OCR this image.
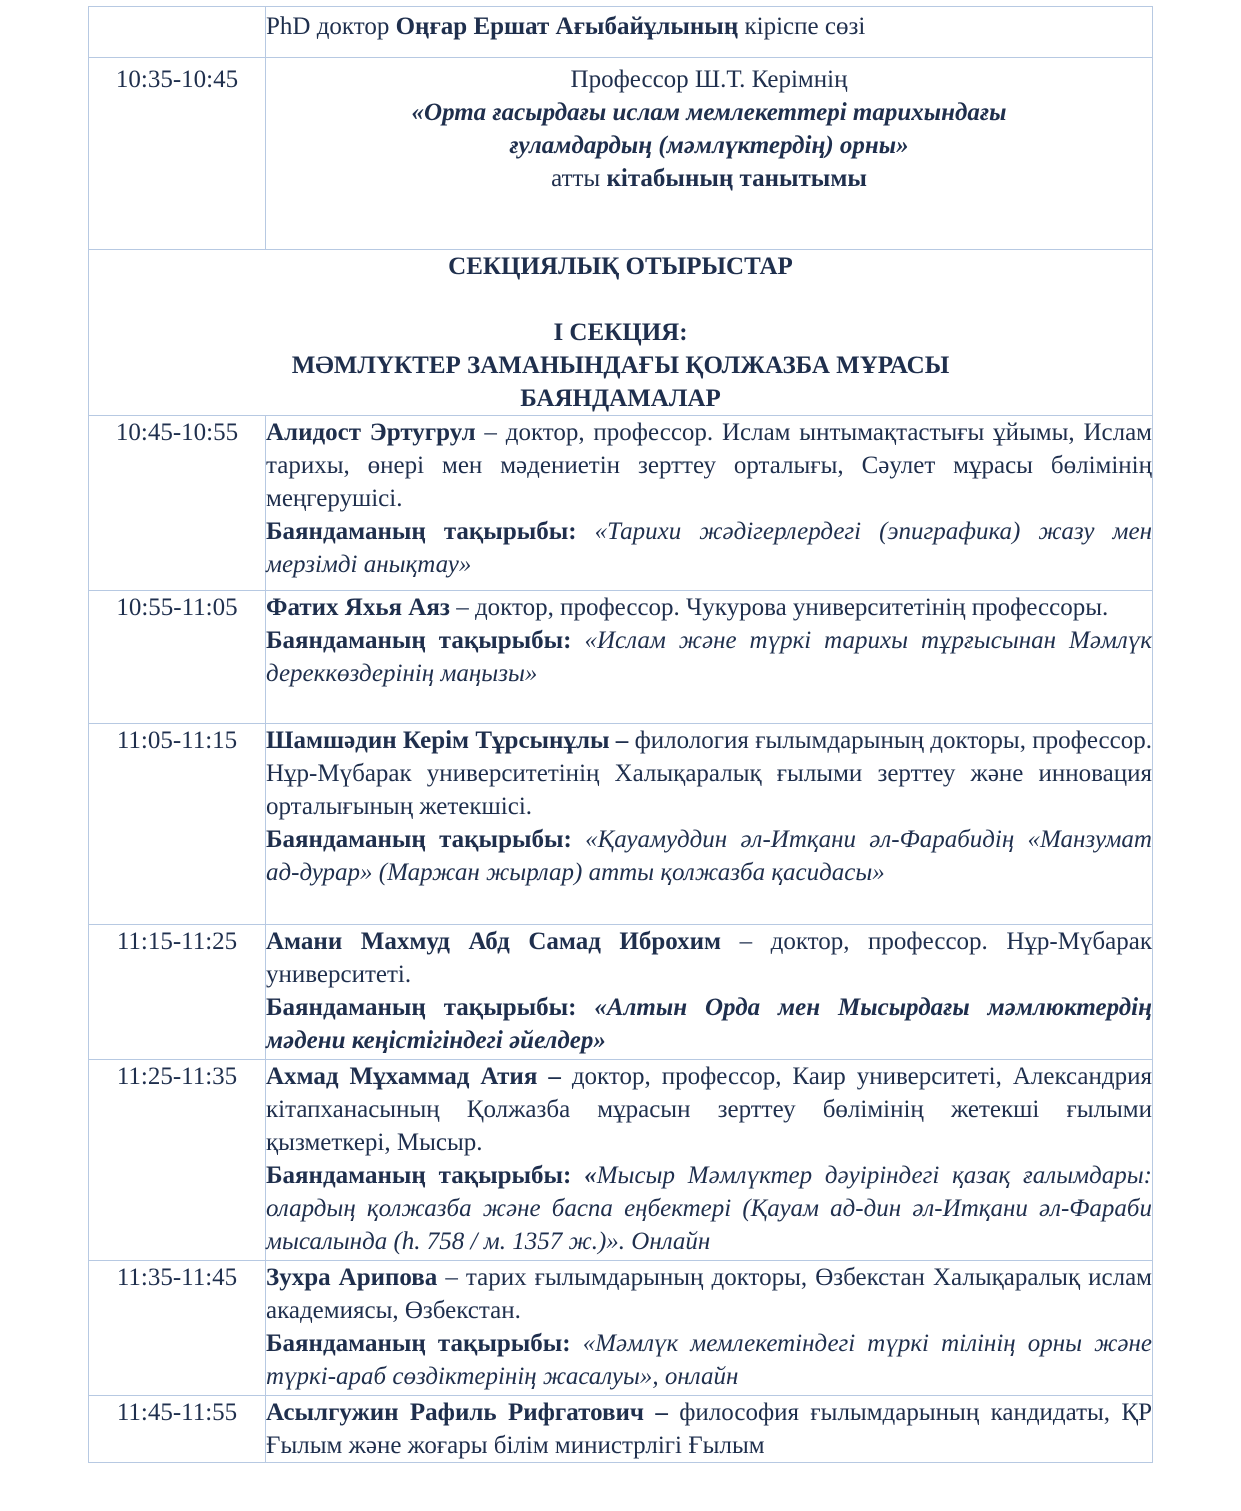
	PhD доктор Оңғар Ершат Ағыбайұлының кіріспе сөзі
10:35-10:45	Профессор Ш.Т. Керімнің
«Орта ғасырдағы ислам мемлекеттері тарихындағы
ғуламдардың (мәмлүктердің) орны»
атты кітабының танытымы

СЕКЦИЯЛЫҚ ОТЫРЫСТАР
I СЕКЦИЯ:
МӘМЛҮКТЕР ЗАМАНЫНДАҒЫ ҚОЛЖАЗБА МҰРАСЫ
БАЯНДАМАЛАР	

10:45-10:55	Алидост Эртугрул – доктор, профессор. Ислам ынтымақтастығы ұйымы, Ислам тарихы, өнері мен мәдениетін зерттеу орталығы, Сәулет мұрасы бөлімінің меңгерушісі.

Баяндаманың тақырыбы: «Тарихи жәдігерлердегі (эпиграфика) жазу мен мерзімді анықтау»

10:55-11:05	Фатих Яхья Аяз – доктор, профессор. Чукурова университетінің профессоры.

Баяндаманың тақырыбы: «Ислам және түркі тарихы тұрғысынан Мәмлүк дереккөздерінің маңызы»

11:05-11:15	Шамшәдин Керім Тұрсынұлы – филология ғылымдарының докторы, профессор. Нұр-Мүбарак университетінің Халықаралық ғылыми зерттеу және инновация орталығының жетекшісі.

Баяндаманың тақырыбы: «Қауамуддин әл-Итқани әл-Фарабидің «Манзумат ад-дурар» (Маржан жырлар) атты қолжазба қасидасы»

11:15-11:25	Амани Махмуд Абд Самад Иброхим – доктор, профессор. Нұр-Мүбарак университеті.

Баяндаманың тақырыбы: «Алтын Орда мен Мысырдағы мәмлюктердің мәдени кеңістігіндегі әйелдер»

11:25-11:35	Ахмад Мұхаммад Атия – доктор, профессор, Каир университеті, Александрия кітапханасының Қолжазба мұрасын зерттеу бөлімінің жетекші ғылыми қызметкері, Мысыр.

Баяндаманың тақырыбы: «Мысыр Мәмлүктер дәуіріндегі қазақ ғалымдары: олардың қолжазба және баспа еңбектері (Қауам ад-дин әл-Итқани әл-Фараби мысалында (һ. 758 / м. 1357 ж.)». Онлайн

11:35-11:45	Зухра Арипова – тарих ғылымдарының докторы, Өзбекстан Халықаралық ислам академиясы, Өзбекстан.

Баяндаманың тақырыбы: «Мәмлүк мемлекетіндегі түркі тілінің орны және түркі-араб сөздіктерінің жасалуы», онлайн

11:45-11:55	Асылгужин Рафиль Рифгатович – философия ғылымдарының кандидаты, ҚР Ғылым және жоғары білім министрлігі Ғылым
